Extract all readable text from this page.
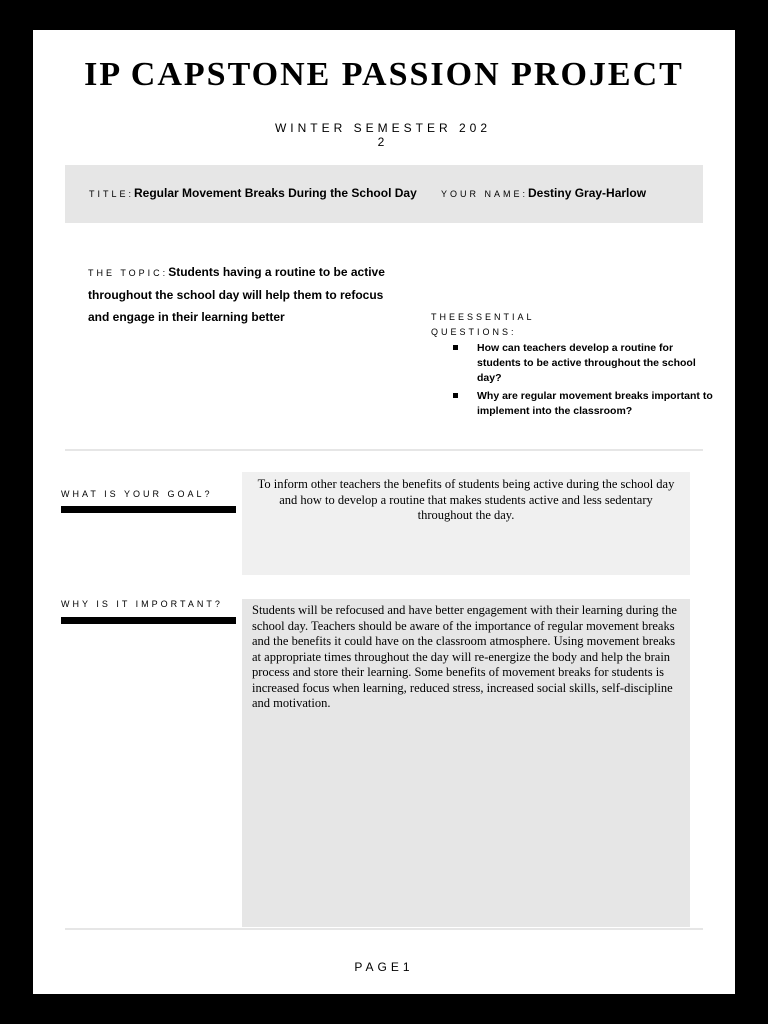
IP CAPSTONE PASSION PROJECT
WINTER SEMESTER 202
2
TITLE:Regular Movement Breaks During the School Day	YOUR NAME:Destiny Gray-Harlow
THE TOPIC:Students having a routine to be active throughout the school day will help them to refocus and engage in their learning better	THEESSENTIAL
QUESTIONS:
How can teachers develop a routine for students to be active throughout the school day?
Why are regular movement breaks important to implement into the classroom?
WHAT IS YOUR GOAL?
To inform other teachers the benefits of students being active during the school day and how to develop a routine that makes students active and less sedentary throughout the day.
WHY IS IT IMPORTANT?	Students will be refocused and have better engagement with their learning during the school day. Teachers should be aware of the importance of regular movement breaks and the benefits it could have on the classroom atmosphere. Using movement breaks at appropriate times throughout the day will re-energize the body and help the brain process and store their learning. Some benefits of movement breaks for students is increased focus when learning, reduced stress, increased social skills, self-discipline and motivation.
PAGE1
